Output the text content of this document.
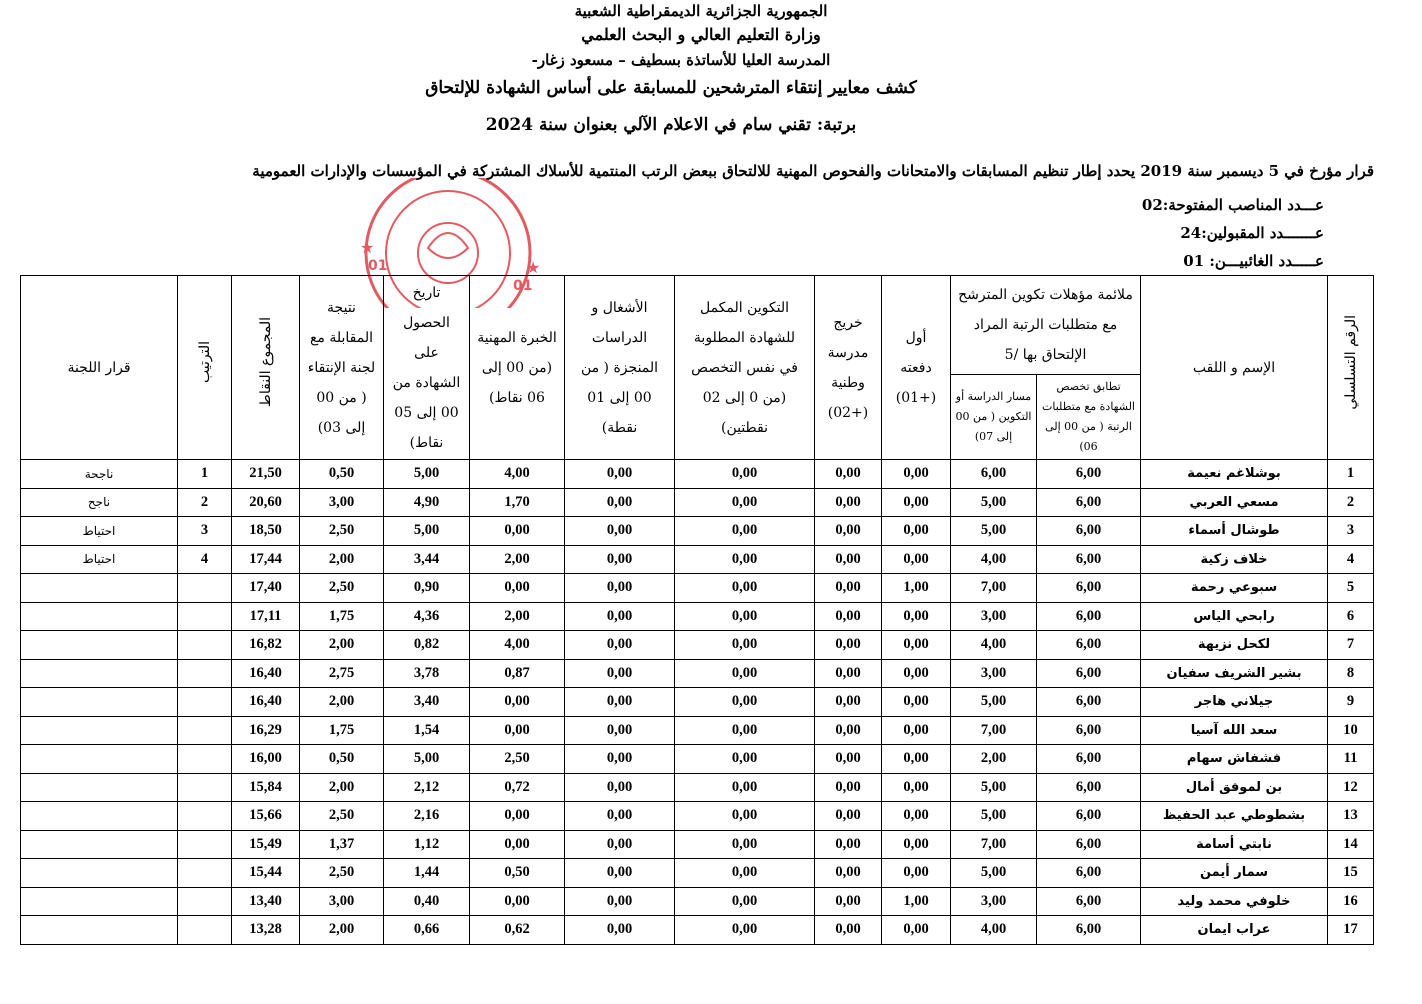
الجمهورية الجزائرية الديمقراطية الشعبية
وزارة التعليم العالي و البحث العلمي
المدرسة العليا للأساتذة بسطيف – مسعود زغار-
كشف معايير إنتقاء المترشحين للمسابقة على أساس الشهادة للإلتحاق
برتبة: تقني سام في الاعلام الآلي بعنوان سنة 2024
قرار مؤرخ في 5 ديسمبر سنة 2019 يحدد إطار تنظيم المسابقات والامتحانات والفحوص المهنية للالتحاق ببعض الرتب المنتمية للأسلاك المشتركة في المؤسسات والإدارات العمومية
عـــدد المناصب المفتوحة:02
عـــــــدد المقبولين:24
عـــــدد الغائبيـــن: 01
01
01
★
★
الرقم التسلسلي	الإسم و اللقب	ملائمة مؤهلات تكوين المترشح مع متطلبات الرتبة المراد الإلتحاق بها /5		أول دفعته (+01)	خريج مدرسة وطنية (+02)	التكوين المكمل للشهادة المطلوبة في نفس التخصص (من 0 إلى 02 نقطتين)	الأشغال و الدراسات المنجزة ( من 00 إلى 01 نقطة)	الخبرة المهنية (من 00 إلى 06 نقاط)	تاريخ الحصول على الشهادة من 00 إلى 05 نقاط)	نتيجة المقابلة مع لجنة الإنتقاء ( من 00 إلى 03)	المجموع النقاط	الترتيب	قرار اللجنة
		تطابق تخصص الشهادة مع متطلبات الرتبة ( من 00 إلى 06)	مسار الدراسة أو التكوين ( من 00 إلى 07)										
1	بوشلاغم نعيمة	6,00	6,00	0,00	0,00	0,00	0,00	4,00	5,00	0,50	21,50	1	ناجحة
2	مسعي العربي	6,00	5,00	0,00	0,00	0,00	0,00	1,70	4,90	3,00	20,60	2	ناجح
3	طوشال أسماء	6,00	5,00	0,00	0,00	0,00	0,00	0,00	5,00	2,50	18,50	3	احتياط
4	خلاف زكية	6,00	4,00	0,00	0,00	0,00	0,00	2,00	3,44	2,00	17,44	4	احتياط
5	سبوعي رحمة	6,00	7,00	1,00	0,00	0,00	0,00	0,00	0,90	2,50	17,40		
6	رابحي الياس	6,00	3,00	0,00	0,00	0,00	0,00	2,00	4,36	1,75	17,11		
7	لكحل نزيهة	6,00	4,00	0,00	0,00	0,00	0,00	4,00	0,82	2,00	16,82		
8	بشير الشريف سفيان	6,00	3,00	0,00	0,00	0,00	0,00	0,87	3,78	2,75	16,40		
9	جيلاني هاجر	6,00	5,00	0,00	0,00	0,00	0,00	0,00	3,40	2,00	16,40		
10	سعد الله آسيا	6,00	7,00	0,00	0,00	0,00	0,00	0,00	1,54	1,75	16,29		
11	فشفاش سهام	6,00	2,00	0,00	0,00	0,00	0,00	2,50	5,00	0,50	16,00		
12	بن لموفق أمال	6,00	5,00	0,00	0,00	0,00	0,00	0,72	2,12	2,00	15,84		
13	بشطوطي عبد الحفيظ	6,00	5,00	0,00	0,00	0,00	0,00	0,00	2,16	2,50	15,66		
14	نابتي أسامة	6,00	7,00	0,00	0,00	0,00	0,00	0,00	1,12	1,37	15,49		
15	سمار أيمن	6,00	5,00	0,00	0,00	0,00	0,00	0,50	1,44	2,50	15,44		
16	خلوفي محمد وليد	6,00	3,00	1,00	0,00	0,00	0,00	0,00	0,40	3,00	13,40		
17	عراب ايمان	6,00	4,00	0,00	0,00	0,00	0,00	0,62	0,66	2,00	13,28		
